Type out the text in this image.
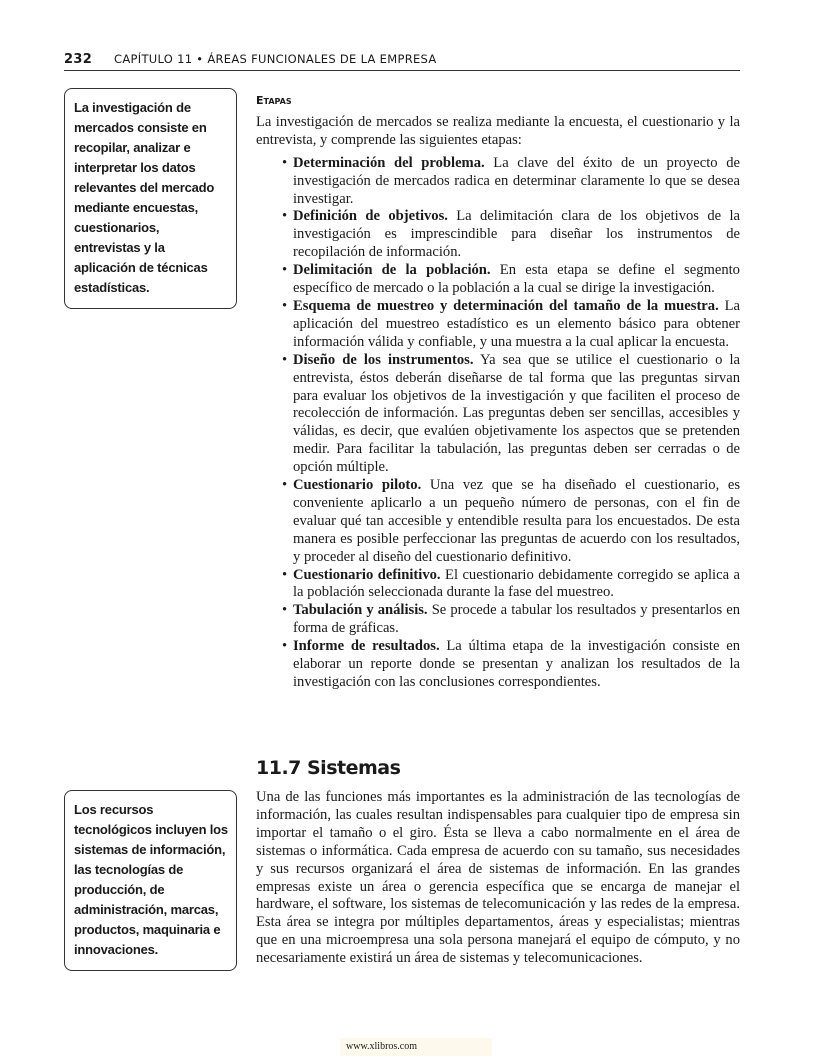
232 CAPÍTULO 11 • ÁREAS FUNCIONALES DE LA EMPRESA
La investigación de mercados consiste en recopilar, analizar e interpretar los datos relevantes del mercado mediante encuestas, cuestionarios, entrevistas y la aplicación de técnicas estadísticas.
Los recursos tecnológicos incluyen los sistemas de información, las tecnologías de producción, de administración, marcas, productos, maquinaria e innovaciones.
Etapas
La investigación de mercados se realiza mediante la encuesta, el cuestionario y la entrevista, y comprende las siguientes etapas:
• Determinación del problema. La clave del éxito de un proyecto de investigación de mercados radica en determinar claramente lo que se desea investigar.
• Definición de objetivos. La delimitación clara de los objetivos de la investigación es imprescindible para diseñar los instrumentos de recopilación de información.
• Delimitación de la población. En esta etapa se define el segmento específico de mercado o la población a la cual se dirige la investigación.
• Esquema de muestreo y determinación del tamaño de la muestra. La aplicación del muestreo estadístico es un elemento básico para obtener información válida y confiable, y una muestra a la cual aplicar la encuesta.
• Diseño de los instrumentos. Ya sea que se utilice el cuestionario o la entrevista, éstos deberán diseñarse de tal forma que las preguntas sirvan para evaluar los objetivos de la investigación y que faciliten el proceso de recolección de información. Las preguntas deben ser sencillas, accesibles y válidas, es decir, que evalúen objetivamente los aspectos que se pretenden medir. Para facilitar la tabulación, las preguntas deben ser cerradas o de opción múltiple.
• Cuestionario piloto. Una vez que se ha diseñado el cuestionario, es conveniente aplicarlo a un pequeño número de personas, con el fin de evaluar qué tan accesible y entendible resulta para los encuestados. De esta manera es posible perfeccionar las preguntas de acuerdo con los resultados, y proceder al diseño del cuestionario definitivo.
• Cuestionario definitivo. El cuestionario debidamente corregido se aplica a la población seleccionada durante la fase del muestreo.
• Tabulación y análisis. Se procede a tabular los resultados y presentarlos en forma de gráficas.
• Informe de resultados. La última etapa de la investigación consiste en elaborar un reporte donde se presentan y analizan los resultados de la investigación con las conclusiones correspondientes.
11.7 Sistemas
Una de las funciones más importantes es la administración de las tecnologías de información, las cuales resultan indispensables para cualquier tipo de empresa sin importar el tamaño o el giro. Ésta se lleva a cabo normalmente en el área de sistemas o informática. Cada empresa de acuerdo con su tamaño, sus necesidades y sus recursos organizará el área de sistemas de información. En las grandes empresas existe un área o gerencia específica que se encarga de manejar el hardware, el software, los sistemas de telecomunicación y las redes de la empresa. Esta área se integra por múltiples departamentos, áreas y especialistas; mientras que en una microempresa una sola persona manejará el equipo de cómputo, y no necesariamente existirá un área de sistemas y telecomunicaciones.
www.xlibros.com
